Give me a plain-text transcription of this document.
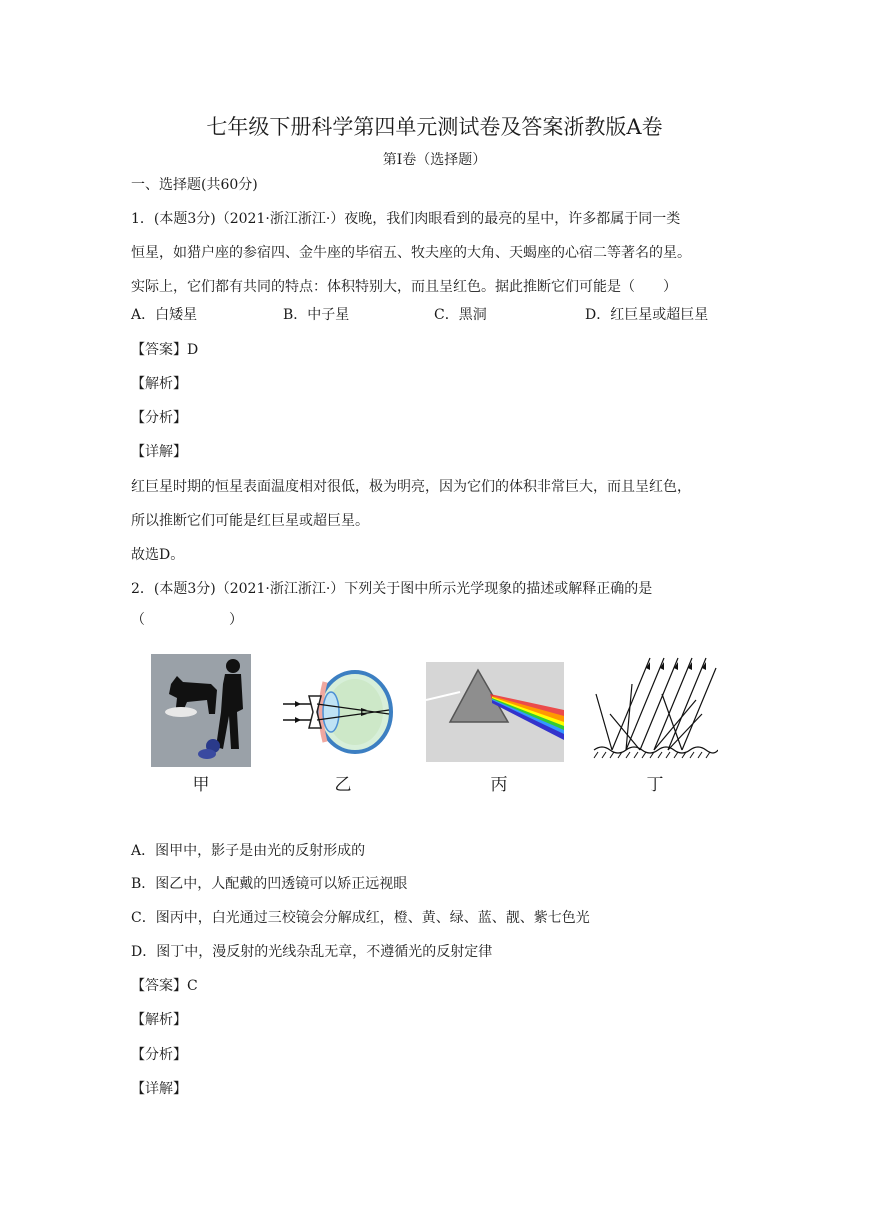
七年级下册科学第四单元测试卷及答案浙教版A卷
第Ⅰ卷（选择题）
一、选择题(共60分)
1．(本题3分)（2021·浙江浙江·）夜晚，我们肉眼看到的最亮的星中，许多都属于同一类
恒星，如猎户座的参宿四、金牛座的毕宿五、牧夫座的大角、天蝎座的心宿二等著名的星。
实际上，它们都有共同的特点：体积特别大，而且呈红色。据此推断它们可能是（　　）
A．白矮星	B．中子星	C．黑洞	D．红巨星或超巨星
【答案】D
【解析】
【分析】
【详解】
红巨星时期的恒星表面温度相对很低，极为明亮，因为它们的体积非常巨大，而且呈红色，
所以推断它们可能是红巨星或超巨星。
故选D。
2．(本题3分)（2021·浙江浙江·）下列关于图中所示光学现象的描述或解释正确的是
（　　　　　　）
甲	乙	丙	丁
A．图甲中，影子是由光的反射形成的
B．图乙中，人配戴的凹透镜可以矫正远视眼
C．图丙中，白光通过三校镜会分解成红，橙、黄、绿、蓝、靓、紫七色光
D．图丁中，漫反射的光线杂乱无章，不遵循光的反射定律
【答案】C
【解析】
【分析】
【详解】
